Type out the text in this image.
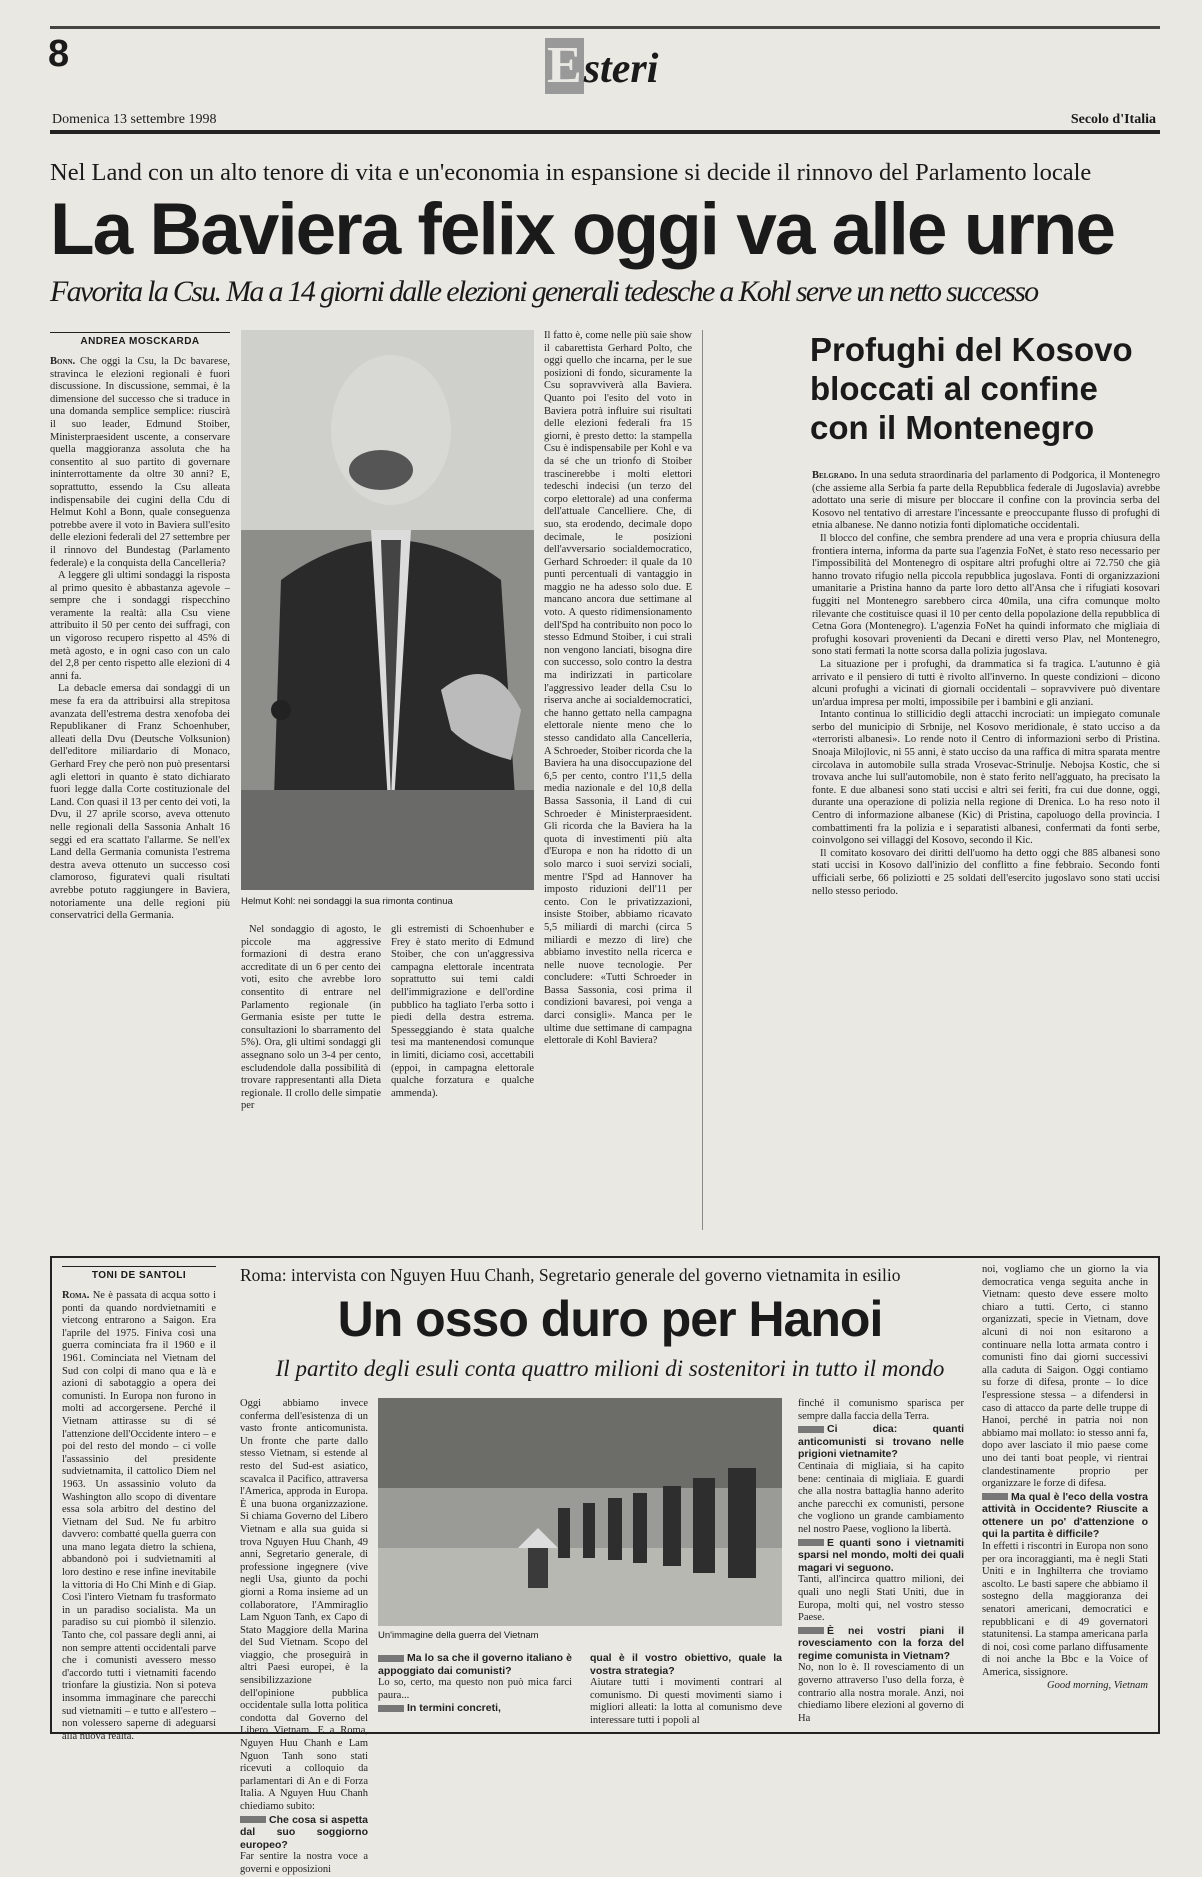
8	Esteri
Domenica 13 settembre 1998	Secolo d'Italia
Nel Land con un alto tenore di vita e un'economia in espansione si decide il rinnovo del Parlamento locale
La Baviera felix oggi va alle urne
Favorita la Csu. Ma a 14 giorni dalle elezioni generali tedesche a Kohl serve un netto successo
ANDREA MOSCKARDA

Bonn. Che oggi la Csu, la Dc bavarese, stravinca le elezioni regionali è fuori discussione. In discussione, semmai, è la dimensione del successo che si traduce in una domanda semplice semplice: riuscirà il suo leader, Edmund Stoiber, Ministerpraesident uscente, a conservare quella maggioranza assoluta che ha consentito al suo partito di governare ininterrottamente da oltre 30 anni? E, soprattutto, essendo la Csu alleata indispensabile dei cugini della Cdu di Helmut Kohl a Bonn, quale conseguenza potrebbe avere il voto in Baviera sull'esito delle elezioni federali del 27 settembre per il rinnovo del Bundestag (Parlamento federale) e la conquista della Cancelleria?

A leggere gli ultimi sondaggi la risposta al primo quesito è abbastanza agevole – sempre che i sondaggi rispecchino veramente la realtà: alla Csu viene attribuito il 50 per cento dei suffragi, con un vigoroso recupero rispetto al 45% di metà agosto, e in ogni caso con un calo del 2,8 per cento rispetto alle elezioni di 4 anni fa.

La debacle emersa dai sondaggi di un mese fa era da attribuirsi alla strepitosa avanzata dell'estrema destra xenofoba dei Republikaner di Franz Schoenhuber, alleati della Dvu (Deutsche Volksunion) dell'editore miliardario di Monaco, Gerhard Frey che però non può presentarsi agli elettori in quanto è stato dichiarato fuori legge dalla Corte costituzionale del Land. Con quasi il 13 per cento dei voti, la Dvu, il 27 aprile scorso, aveva ottenuto nelle regionali della Sassonia Anhalt 16 seggi ed era scattato l'allarme. Se nell'ex Land della Germania comunista l'estrema destra aveva ottenuto un successo così clamoroso, figuratevi quali risultati avrebbe potuto raggiungere in Baviera, notoriamente una delle regioni più conservatrici della Germania.

Helmut Kohl: nei sondaggi la sua rimonta continua

Nel sondaggio di agosto, le piccole ma aggressive formazioni di destra erano accreditate di un 6 per cento dei voti, esito che avrebbe loro consentito di entrare nel Parlamento regionale (in Germania esiste per tutte le consultazioni lo sbarramento del 5%). Ora, gli ultimi sondaggi gli assegnano solo un 3-4 per cento, escludendole dalla possibilità di trovare rappresentanti alla Dieta regionale. Il crollo delle simpatie per

gli estremisti di Schoenhuber e Frey è stato merito di Edmund Stoiber, che con un'aggressiva campagna elettorale incentrata soprattutto sui temi caldi dell'immigrazione e dell'ordine pubblico ha tagliato l'erba sotto i piedi della destra estrema. Spesseggiando è stata qualche tesi ma mantenendosi comunque in limiti, diciamo così, accettabili (eppoi, in campagna elettorale qualche forzatura e qualche ammenda).

Il fatto è, come nelle più saie show il cabarettista Gerhard Polto, che oggi quello che incarna, per le sue posizioni di fondo, sicuramente la Csu sopravviverà alla Baviera. Quanto poi l'esito del voto in Baviera potrà influire sui risultati delle elezioni federali fra 15 giorni, è presto detto: la stampella Csu è indispensabile per Kohl e va da sé che un trionfo di Stoiber trascinerebbe i molti elettori tedeschi indecisi (un terzo del corpo elettorale) ad una conferma dell'attuale Cancelliere. Che, di suo, sta erodendo, decimale dopo decimale, le posizioni dell'avversario socialdemocratico, Gerhard Schroeder: il quale da 10 punti percentuali di vantaggio in maggio ne ha adesso solo due. E mancano ancora due settimane al voto. A questo ridimensionamento dell'Spd ha contribuito non poco lo stesso Edmund Stoiber, i cui strali non vengono lanciati, bisogna dire con successo, solo contro la destra ma indirizzati in particolare l'aggressivo leader della Csu lo riserva anche ai socialdemocratici, che hanno gettato nella campagna elettorale niente meno che lo stesso candidato alla Cancelleria, A Schroeder, Stoiber ricorda che la Baviera ha una disoccupazione del 6,5 per cento, contro l'11,5 della media nazionale e del 10,8 della Bassa Sassonia, il Land di cui Schroeder è Ministerpraesident. Gli ricorda che la Baviera ha la quota di investimenti più alta d'Europa e non ha ridotto di un solo marco i suoi servizi sociali, mentre l'Spd ad Hannover ha imposto riduzioni dell'11 per cento. Con le privatizzazioni, insiste Stoiber, abbiamo ricavato 5,5 miliardi di marchi (circa 5 miliardi e mezzo di lire) che abbiamo investito nella ricerca e nelle nuove tecnologie. Per concludere: «Tutti Schroeder in Bassa Sassonia, così prima il condizioni bavaresi, poi venga a darci consigli». Manca per le ultime due settimane di campagna elettorale di Kohl Baviera?

Profughi del Kosovo bloccati al confine con il Montenegro

Belgrado. In una seduta straordinaria del parlamento di Podgorica, il Montenegro (che assieme alla Serbia fa parte della Repubblica federale di Jugoslavia) avrebbe adottato una serie di misure per bloccare il confine con la provincia serba del Kosovo nel tentativo di arrestare l'incessante e preoccupante flusso di profughi di etnia albanese. Ne danno notizia fonti diplomatiche occidentali.

Il blocco del confine, che sembra prendere ad una vera e propria chiusura della frontiera interna, informa da parte sua l'agenzia FoNet, è stato reso necessario per l'impossibilità del Montenegro di ospitare altri profughi oltre ai 72.750 che già hanno trovato rifugio nella piccola repubblica jugoslava. Fonti di organizzazioni umanitarie a Pristina hanno da parte loro detto all'Ansa che i rifugiati kosovari fuggiti nel Montenegro sarebbero circa 40mila, una cifra comunque molto rilevante che costituisce quasi il 10 per cento della popolazione della repubblica di Cetna Gora (Montenegro). L'agenzia FoNet ha quindi informato che migliaia di profughi kosovari provenienti da Decani e diretti verso Plav, nel Montenegro, sono stati fermati la notte scorsa dalla polizia jugoslava.

La situazione per i profughi, da drammatica si fa tragica. L'autunno è già arrivato e il pensiero di tutti è rivolto all'inverno. In queste condizioni – dicono alcuni profughi a vicinati di giornali occidentali – sopravvivere può diventare un'ardua impresa per molti, impossibile per i bambini e gli anziani.

Intanto continua lo stillicidio degli attacchi incrociati: un impiegato comunale serbo del municipio di Srbnije, nel Kosovo meridionale, è stato ucciso a da «terroristi albanesi». Lo rende noto il Centro di informazioni serbo di Pristina. Snoaja Milojlovic, ni 55 anni, è stato ucciso da una raffica di mitra sparata mentre circolava in automobile sulla strada Vrosevac-Strinulje. Nebojsa Kostic, che si trovava anche lui sull'automobile, non è stato ferito nell'agguato, ha precisato la fonte. E due albanesi sono stati uccisi e altri sei feriti, fra cui due donne, oggi, durante una operazione di polizia nella regione di Drenica. Lo ha reso noto il Centro di informazione albanese (Kic) di Pristina, capoluogo della provincia. I combattimenti fra la polizia e i separatisti albanesi, confermati da fonti serbe, coinvolgono sei villaggi del Kosovo, secondo il Kic.

Il comitato kosovaro dei diritti dell'uomo ha detto oggi che 885 albanesi sono stati uccisi in Kosovo dall'inizio del conflitto a fine febbraio. Secondo fonti ufficiali serbe, 66 poliziotti e 25 soldati dell'esercito jugoslavo sono stati uccisi nello stesso periodo.

TONI DE SANTOLI

Roma. Ne è passata di acqua sotto i ponti da quando nordvietnamiti e vietcong entrarono a Saigon. Era l'aprile del 1975. Finiva così una guerra cominciata fra il 1960 e il 1961. Cominciata nel Vietnam del Sud con colpi di mano qua e là e azioni di sabotaggio a opera dei comunisti. In Europa non furono in molti ad accorgersene. Perché il Vietnam attirasse su di sé l'attenzione dell'Occidente intero – e poi del resto del mondo – ci volle l'assassinio del presidente sudvietnamita, il cattolico Diem nel 1963. Un assassinio voluto da Washington allo scopo di diventare essa sola arbitro del destino del Vietnam del Sud. Ne fu arbitro davvero: combatté quella guerra con una mano legata dietro la schiena, abbandonò poi i sudvietnamiti al loro destino e rese infine inevitabile la vittoria di Ho Chi Minh e di Giap. Così l'intero Vietnam fu trasformato in un paradiso socialista. Ma un paradiso su cui piombò il silenzio. Tanto che, col passare degli anni, ai non sempre attenti occidentali parve che i comunisti avessero messo d'accordo tutti i vietnamiti facendo trionfare la giustizia. Non si poteva insomma immaginare che parecchi sud vietnamiti – e tutto e all'estero – non volessero saperne di adeguarsi alla nuova realtà.

Roma: intervista con Nguyen Huu Chanh, Segretario generale del governo vietnamita in esilio
Un osso duro per Hanoi
Il partito degli esuli conta quattro milioni di sostenitori in tutto il mondo

Oggi abbiamo invece conferma dell'esistenza di un vasto fronte anticomunista. Un fronte che parte dallo stesso Vietnam, si estende al resto del Sud-est asiatico, scavalca il Pacifico, attraversa l'America, approda in Europa. È una buona organizzazione. Si chiama Governo del Libero Vietnam e alla sua guida si trova Nguyen Huu Chanh, 49 anni, Segretario generale, di professione ingegnere (vive negli Usa, giunto da pochi giorni a Roma insieme ad un collaboratore, l'Ammiraglio Lam Nguon Tanh, ex Capo di Stato Maggiore della Marina del Sud Vietnam. Scopo del viaggio, che proseguirà in altri Paesi europei, è la sensibilizzazione dell'opinione pubblica occidentale sulla lotta politica condotta dal Governo del Libero Vietnam. E a Roma, Nguyen Huu Chanh e Lam Nguon Tanh sono stati ricevuti a colloquio da parlamentari di An e di Forza Italia. A Nguyen Huu Chanh chiediamo subito:

Che cosa si aspetta dal suo soggiorno europeo?

Far sentire la nostra voce a governi e opposizioni

Un'immagine della guerra del Vietnam
Ma lo sa che il governo italiano è appoggiato dai comunisti?

Lo so, certo, ma questo non può mica farci paura...

In termini concreti,
qual è il vostro obiettivo, quale la vostra strategia?

Aiutare tutti i movimenti contrari al comunismo. Di questi movimenti siamo i migliori alleati: la lotta al comunismo deve interessare tutti i popoli al

finché il comunismo sparisca per sempre dalla faccia della Terra.

Ci dica: quanti anticomunisti si trovano nelle prigioni vietnamite?

Centinaia di migliaia, si ha capito bene: centinaia di migliaia. E guardi che alla nostra battaglia hanno aderito anche parecchi ex comunisti, persone che vogliono un grande cambiamento nel nostro Paese, vogliono la libertà.

E quanti sono i vietnamiti sparsi nel mondo, molti dei quali magari vi seguono.

Tanti, all'incirca quattro milioni, dei quali uno negli Stati Uniti, due in Europa, molti qui, nel vostro stesso Paese.

È nei vostri piani il rovesciamento con la forza del regime comunista in Vietnam?

No, non lo è. Il rovesciamento di un governo attraverso l'uso della forza, è contrario alla nostra morale. Anzi, noi chiediamo libere elezioni al governo di Ha

noi, vogliamo che un giorno la via democratica venga seguita anche in Vietnam: questo deve essere molto chiaro a tutti. Certo, ci stanno organizzati, specie in Vietnam, dove alcuni di noi non esitarono a continuare nella lotta armata contro i comunisti fino dai giorni successivi alla caduta di Saigon. Oggi contiamo su forze di difesa, pronte – lo dice l'espressione stessa – a difendersi in caso di attacco da parte delle truppe di Hanoi, perché in patria noi non abbiamo mai mollato: io stesso anni fa, dopo aver lasciato il mio paese come uno dei tanti boat people, vi rientrai clandestinamente proprio per organizzare le forze di difesa.

Ma qual è l'eco della vostra attività in Occidente? Riuscite a ottenere un po' d'attenzione o qui la partita è difficile?

In effetti i riscontri in Europa non sono per ora incoraggianti, ma è negli Stati Uniti e in Inghilterra che troviamo ascolto. Le basti sapere che abbiamo il sostegno della maggioranza dei senatori americani, democratici e repubblicani e di 49 governatori statunitensi. La stampa americana parla di noi, così come parlano diffusamente di noi anche la Bbc e la Voice of America, sissignore.

Good morning, Vietnam
